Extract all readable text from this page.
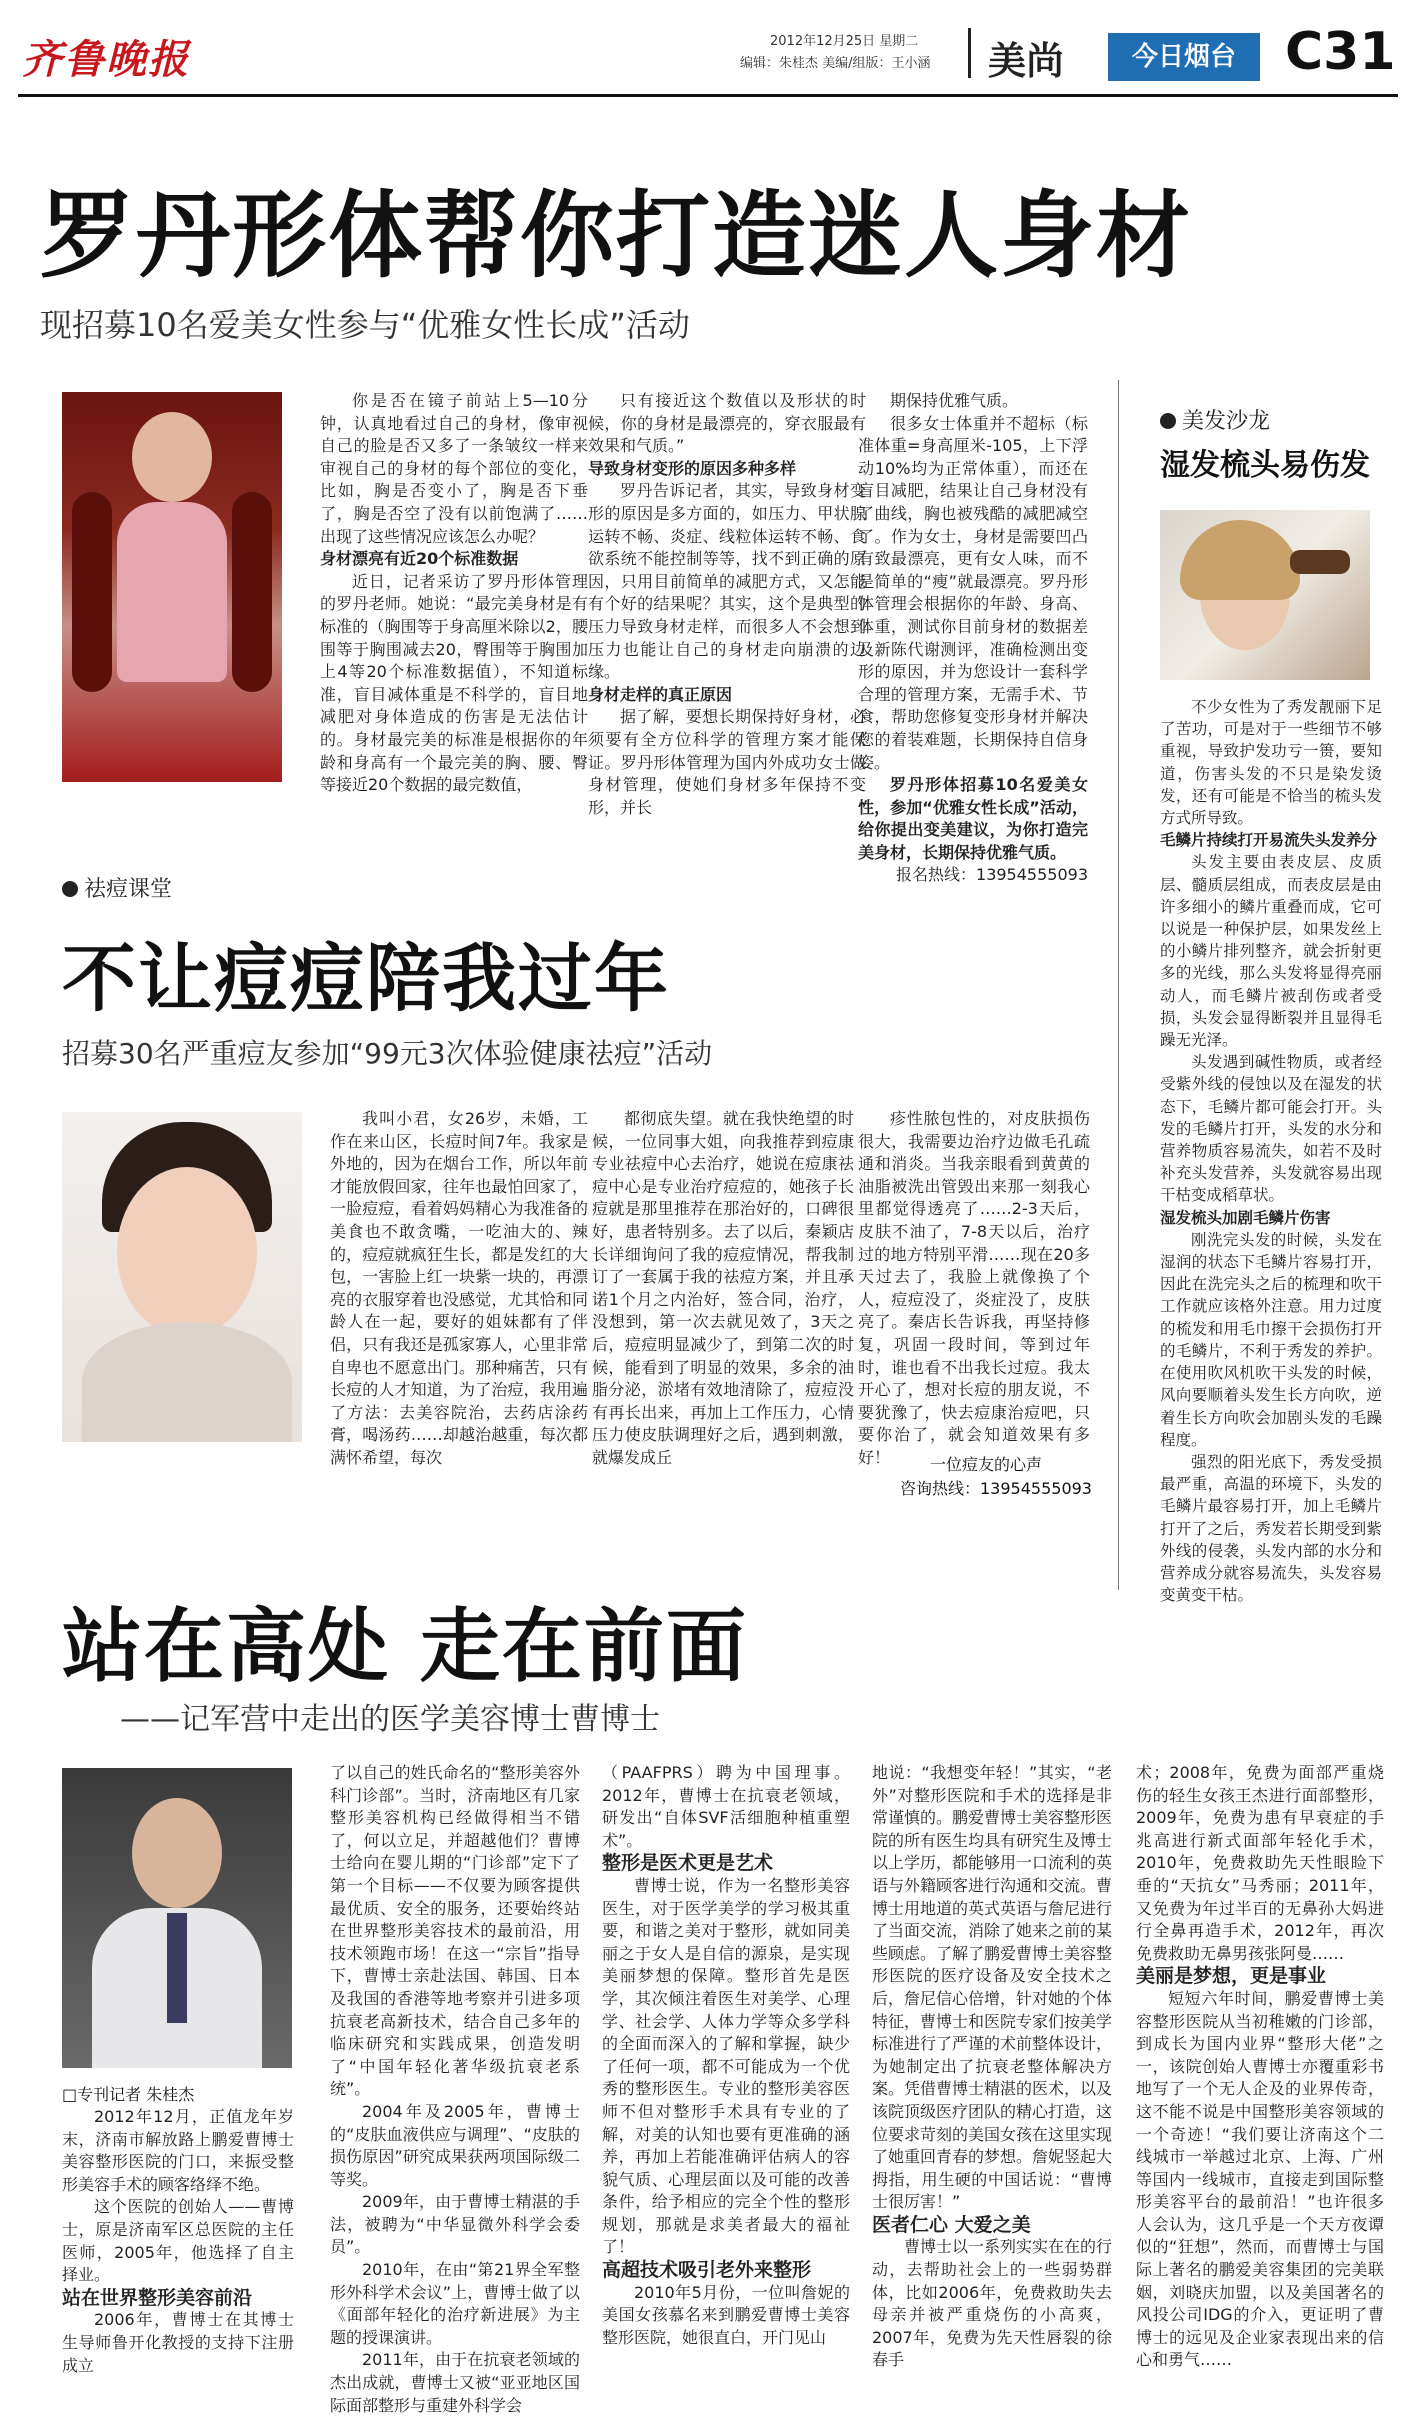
齐鲁晚报	2012年12月25日 星期二
编辑：朱桂杰 美编/组版：王小涵 美尚	今日烟台 C31
罗丹形体帮你打造迷人身材
现招募10名爱美女性参与“优雅女性长成”活动

你是否在镜子前站上5—10分钟，认真地看过自己的身材，像审视自己的脸是否又多了一条皱纹一样来审视自己的身材的每个部位的变化，比如，胸是否变小了，胸是否下垂了，胸是否空了没有以前饱满了……出现了这些情况应该怎么办呢？

身材漂亮有近20个标准数据

近日，记者采访了罗丹形体管理的罗丹老师。她说：“最完美身材是有标准的（胸围等于身高厘米除以2，腰围等于胸围减去20，臀围等于胸围加上4等20个标准数据值），不知道标准，盲目减体重是不科学的，盲目地减肥对身体造成的伤害是无法估计的。身材最完美的标准是根据你的年龄和身高有一个最完美的胸、腰、臀等接近20个数据的最完数值，

只有接近这个数值以及形状的时候，你的身材是最漂亮的，穿衣服最有效果和气质。”

导致身材变形的原因多种多样

罗丹告诉记者，其实，导致身材变形的原因是多方面的，如压力、甲状腺运转不畅、炎症、线粒体运转不畅、食欲系统不能控制等等，找不到正确的原因，只用目前简单的减肥方式，又怎能有个好的结果呢？其实，这个是典型的压力导致身材走样，而很多人不会想到压力也能让自己的身材走向崩溃的边缘。

身材走样的真正原因

据了解，要想长期保持好身材，必须要有全方位科学的管理方案才能保证。罗丹形体管理为国内外成功女士做身材管理，使她们身材多年保持不变形，并长

期保持优雅气质。

很多女士体重并不超标（标准体重=身高厘米-105，上下浮动10%均为正常体重），而还在盲目减肥，结果让自己身材没有了曲线，胸也被残酷的减肥减空了。作为女士，身材是需要凹凸有致最漂亮，更有女人味，而不是简单的“瘦”就最漂亮。罗丹形体管理会根据你的年龄、身高、体重，测试你目前身材的数据差及新陈代谢测评，准确检测出变形的原因，并为您设计一套科学合理的管理方案，无需手术、节食，帮助您修复变形身材并解决您的着装难题，长期保持自信身姿。

罗丹形体招募10名爱美女性，参加“优雅女性长成”活动，给你提出变美建议，为你打造完美身材，长期保持优雅气质。

报名热线：13954555093

美发沙龙
湿发梳头易伤发

不少女性为了秀发靓丽下足了苦功，可是对于一些细节不够重视，导致护发功亏一篑，要知道，伤害头发的不只是染发烫发，还有可能是不恰当的梳头发方式所导致。

毛鳞片持续打开易流失头发养分

头发主要由表皮层、皮质层、髓质层组成，而表皮层是由许多细小的鳞片重叠而成，它可以说是一种保护层，如果发丝上的小鳞片排列整齐，就会折射更多的光线，那么头发将显得亮丽动人，而毛鳞片被刮伤或者受损，头发会显得断裂并且显得毛躁无光泽。

头发遇到碱性物质，或者经受紫外线的侵蚀以及在湿发的状态下，毛鳞片都可能会打开。头发的毛鳞片打开，头发的水分和营养物质容易流失，如若不及时补充头发营养，头发就容易出现干枯变成稻草状。

湿发梳头加剧毛鳞片伤害

刚洗完头发的时候，头发在湿润的状态下毛鳞片容易打开，因此在洗完头之后的梳理和吹干工作就应该格外注意。用力过度的梳发和用毛巾擦干会损伤打开的毛鳞片，不利于秀发的养护。在使用吹风机吹干头发的时候，风向要顺着头发生长方向吹，逆着生长方向吹会加剧头发的毛躁程度。

强烈的阳光底下，秀发受损最严重，高温的环境下，头发的毛鳞片最容易打开，加上毛鳞片打开了之后，秀发若长期受到紫外线的侵袭，头发内部的水分和营养成分就容易流失，头发容易变黄变干枯。

祛痘课堂
不让痘痘陪我过年
招募30名严重痘友参加“99元3次体验健康祛痘”活动

我叫小君，女26岁，未婚，工作在来山区，长痘时间7年。我家是外地的，因为在烟台工作，所以年前才能放假回家，往年也最怕回家了，一脸痘痘，看着妈妈精心为我准备的美食也不敢贪嘴，一吃油大的、辣的，痘痘就疯狂生长，都是发红的大包，一害脸上红一块紫一块的，再漂亮的衣服穿着也没感觉，尤其恰和同龄人在一起，要好的姐妹都有了伴侣，只有我还是孤家寡人，心里非常自卑也不愿意出门。那种痛苦，只有长痘的人才知道，为了治痘，我用遍了方法：去美容院治，去药店涂药膏，喝汤药……却越治越重，每次都满怀希望，每次

都彻底失望。就在我快绝望的时候，一位同事大姐，向我推荐到痘康专业祛痘中心去治疗，她说在痘康祛痘中心是专业治疗痘痘的，她孩子长痘就是那里推荐在那治好的，口碑很好，患者特别多。去了以后，秦颖店长详细询问了我的痘痘情况，帮我制订了一套属于我的祛痘方案，并且承诺1个月之内治好，签合同，治疗，没想到，第一次去就见效了，3天之后，痘痘明显减少了，到第二次的时候，能看到了明显的效果，多余的油脂分泌，淤堵有效地清除了，痘痘没有再长出来，再加上工作压力，心情压力使皮肤调理好之后，遇到刺激，就爆发成丘

疹性脓包性的，对皮肤损伤很大，我需要边治疗边做毛孔疏通和消炎。当我亲眼看到黄黄的油脂被洗出管毁出来那一刻我心里都觉得透亮了……2-3天后，皮肤不油了，7-8天以后，治疗过的地方特别平滑……现在20多天过去了，我脸上就像换了个人，痘痘没了，炎症没了，皮肤亮了。秦店长告诉我，再坚持修复，巩固一段时间，等到过年时，谁也看不出我长过痘。我太开心了，想对长痘的朋友说，不要犹豫了，快去痘康治痘吧，只要你治了，就会知道效果有多好！	一位痘友的心声
咨询热线：13954555093
站在高处 走在前面
——记军营中走出的医学美容博士曹博士
□专刊记者 朱桂杰

2012年12月，正值龙年岁末，济南市解放路上鹏爱曹博士美容整形医院的门口，来振受整形美容手术的顾客络绎不绝。

这个医院的创始人——曹博士，原是济南军区总医院的主任医师，2005年，他选择了自主择业。

站在世界整形美容前沿

2006年，曹博士在其博士生导师鲁开化教授的支持下注册成立

了以自己的姓氏命名的“整形美容外科门诊部”。当时，济南地区有几家整形美容机构已经做得相当不错了，何以立足，并超越他们？曹博士给向在婴儿期的“门诊部”定下了第一个目标——不仅要为顾客提供最优质、安全的服务，还要始终站在世界整形美容技术的最前沿，用技术领跑市场！在这一“宗旨”指导下，曹博士亲赴法国、韩国、日本及我国的香港等地考察并引进多项抗衰老高新技术，结合自己多年的临床研究和实践成果，创造发明了“中国年轻化著华级抗衰老系统”。

2004年及2005年，曹博士的“皮肤血液供应与调理”、“皮肤的损伤原因”研究成果获两项国际级二等奖。

2009年，由于曹博士精湛的手法，被聘为“中华显微外科学会委员”。

2010年，在由“第21界全军整形外科学术会议”上，曹博士做了以《面部年轻化的治疗新进展》为主题的授课演讲。

2011年，由于在抗衰老领域的杰出成就，曹博士又被“亚亚地区国际面部整形与重建外科学会

（PAAFPRS）聘为中国理事。2012年，曹博士在抗衰老领域，研发出“自体SVF活细胞种植重塑术”。

整形是医术更是艺术

曹博士说，作为一名整形美容医生，对于医学美学的学习极其重要，和谐之美对于整形，就如同美丽之于女人是自信的源泉，是实现美丽梦想的保障。整形首先是医学，其次倾注着医生对美学、心理学、社会学、人体力学等众多学科的全面而深入的了解和掌握，缺少了任何一项，都不可能成为一个优秀的整形医生。专业的整形美容医师不但对整形手术具有专业的了解，对美的认知也要有更准确的涵养，再加上若能准确评估病人的容貌气质、心理层面以及可能的改善条件，给予相应的完全个性的整形规划，那就是求美者最大的福祉了！

高超技术吸引老外来整形

2010年5月份，一位叫詹妮的美国女孩慕名来到鹏爱曹博士美容整形医院，她很直白，开门见山

地说：“我想变年轻！”其实，“老外”对整形医院和手术的选择是非常谨慎的。鹏爱曹博士美容整形医院的所有医生均具有研究生及博士以上学历，都能够用一口流利的英语与外籍顾客进行沟通和交流。曹博士用地道的英式英语与詹尼进行了当面交流，消除了她来之前的某些顾虑。了解了鹏爱曹博士美容整形医院的医疗设备及安全技术之后，詹尼信心倍增，针对她的个体特征，曹博士和医院专家们按美学标准进行了严谨的术前整体设计，为她制定出了抗衰老整体解决方案。凭借曹博士精湛的医术，以及该院顶级医疗团队的精心打造，这位要求苛刻的美国女孩在这里实现了她重回青春的梦想。詹妮竖起大拇指，用生硬的中国话说：“曹博士很厉害！”

医者仁心 大爱之美

曹博士以一系列实实在在的行动，去帮助社会上的一些弱势群体，比如2006年，免费救助失去母亲并被严重烧伤的小高爽，2007年，免费为先天性唇裂的徐春手

术；2008年，免费为面部严重烧伤的轻生女孩王杰进行面部整形，2009年，免费为患有早衰症的手兆高进行新式面部年轻化手术，2010年，免费救助先天性眼睑下垂的“天抗女”马秀丽；2011年，又免费为年过半百的无鼻孙大妈进行全鼻再造手术，2012年，再次免费救助无鼻男孩张阿曼……

美丽是梦想，更是事业

短短六年时间，鹏爱曹博士美容整形医院从当初稚嫩的门诊部，到成长为国内业界“整形大佬”之一，该院创始人曹博士亦覆重彩书地写了一个无人企及的业界传奇，这不能不说是中国整形美容领域的一个奇迹！“我们要让济南这个二线城市一举越过北京、上海、广州等国内一线城市，直接走到国际整形美容平台的最前沿！”也许很多人会认为，这几乎是一个天方夜谭似的“狂想”，然而，而曹博士与国际上著名的鹏爱美容集团的完美联姻，刘晓庆加盟，以及美国著名的风投公司IDG的介入，更证明了曹博士的远见及企业家表现出来的信心和勇气……
